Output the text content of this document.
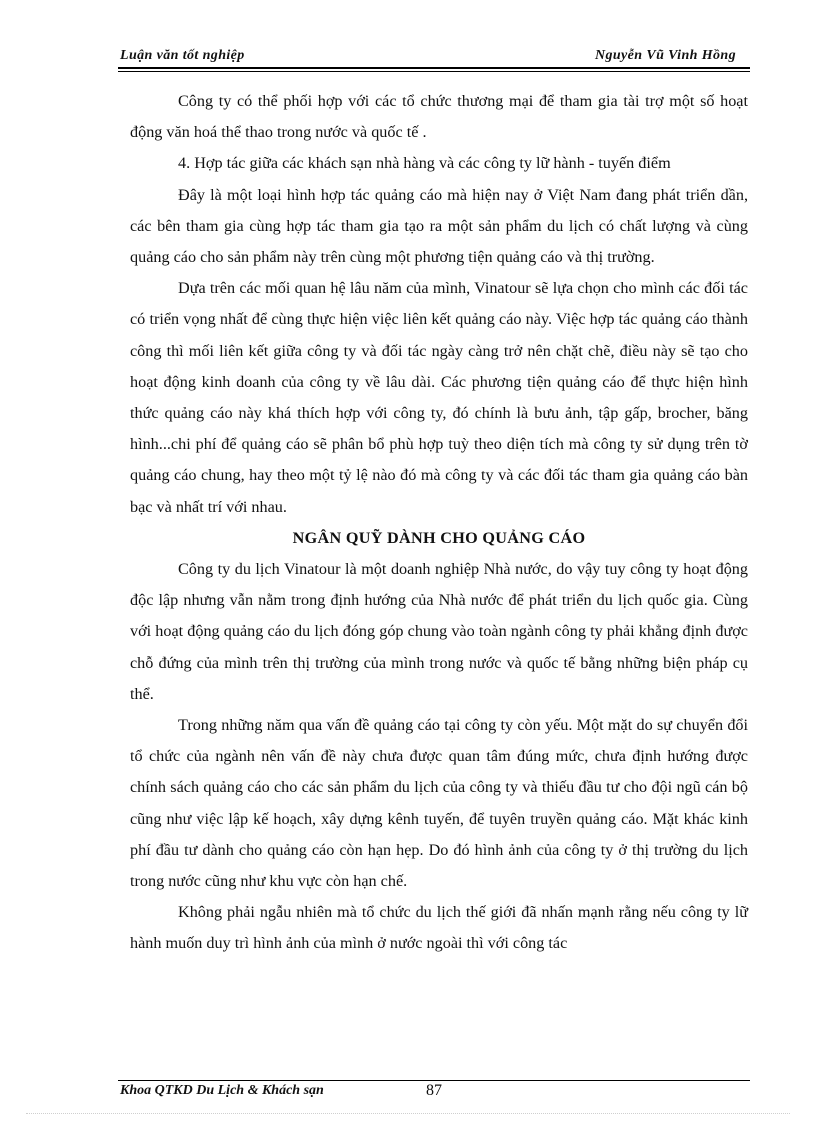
Luận văn tốt nghiệp	Nguyễn Vũ Vinh Hồng

Công ty có thể phối hợp với các tổ chức thương mại để tham gia tài trợ một số hoạt động văn hoá thể thao trong nước và quốc tế .

4. Hợp tác giữa các khách sạn nhà hàng và các công ty lữ hành - tuyến điểm

Đây là một loại hình hợp tác quảng cáo mà hiện nay ở Việt Nam đang phát triển dần, các bên tham gia cùng hợp tác tham gia tạo ra một sản phẩm du lịch có chất lượng và cùng quảng cáo cho sản phẩm này trên cùng một phương tiện quảng cáo và thị trường.

Dựa trên các mối quan hệ lâu năm của mình, Vinatour sẽ lựa chọn cho mình các đối tác có triển vọng nhất để cùng thực hiện việc liên kết quảng cáo này. Việc hợp tác quảng cáo thành công thì mối liên kết giữa công ty và đối tác ngày càng trở nên chặt chẽ, điều này sẽ tạo cho hoạt động kinh doanh của công ty về lâu dài. Các phương tiện quảng cáo để thực hiện hình thức quảng cáo này khá thích hợp với công ty, đó chính là bưu ảnh, tập gấp, brocher, băng hình...chi phí để quảng cáo sẽ phân bổ phù hợp tuỳ theo diện tích mà công ty sử dụng trên tờ quảng cáo chung, hay theo một tỷ lệ nào đó mà công ty và các đối tác tham gia quảng cáo bàn bạc và nhất trí với nhau.

NGÂN QUỸ DÀNH CHO QUẢNG CÁO

Công ty du lịch Vinatour là một doanh nghiệp Nhà nước, do vậy tuy công ty hoạt động độc lập nhưng vẫn nằm trong định hướng của Nhà nước để phát triển du lịch quốc gia. Cùng với hoạt động quảng cáo du lịch đóng góp chung vào toàn ngành công ty phải khẳng định được chỗ đứng của mình trên thị trường của mình trong nước và quốc tế bằng những biện pháp cụ thể.

Trong những năm qua vấn đề quảng cáo tại công ty còn yếu. Một mặt do sự chuyển đổi tổ chức của ngành nên vấn đề này chưa được quan tâm đúng mức, chưa định hướng được chính sách quảng cáo cho các sản phẩm du lịch của công ty và thiếu đầu tư cho đội ngũ cán bộ cũng như việc lập kế hoạch, xây dựng kênh tuyến, để tuyên truyền quảng cáo. Mặt khác kinh phí đầu tư dành cho quảng cáo còn hạn hẹp. Do đó hình ảnh của công ty ở thị trường du lịch trong nước cũng như khu vực còn hạn chế.

Không phải ngẫu nhiên mà tổ chức du lịch thế giới đã nhấn mạnh rằng nếu công ty lữ hành muốn duy trì hình ảnh của mình ở nước ngoài thì với công tác

Khoa QTKD Du Lịch & Khách sạn	87
